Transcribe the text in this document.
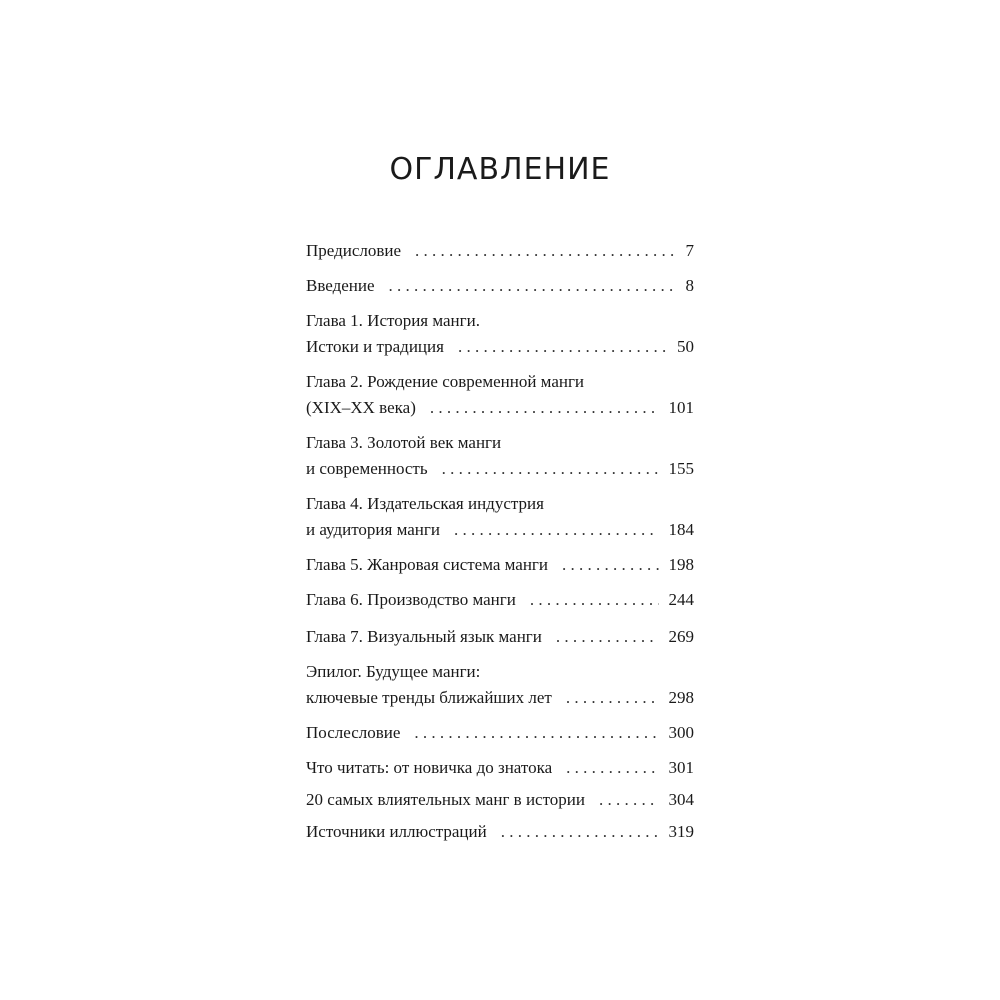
ОГЛАВЛЕНИЕ
Предисловие . . .	7
Введение . . .	8
Глава 1. История манги.
Истоки и традиция . . .	50
Глава 2. Рождение современной манги
(XIX–XX века) . . .	101
Глава 3. Золотой век манги
и современность . . .	155
Глава 4. Издательская индустрия
и аудитория манги . . .	184
Глава 5. Жанровая система манги . . .	198
Глава 6. Производство манги . . .	244
Глава 7. Визуальный язык манги . . .	269
Эпилог. Будущее манги:
ключевые тренды ближайших лет . . .	298
Послесловие . . .	300
Что читать: от новичка до знатока . . .	301
20 самых влиятельных манг в истории . . .	304
Источники иллюстраций . . .	319
